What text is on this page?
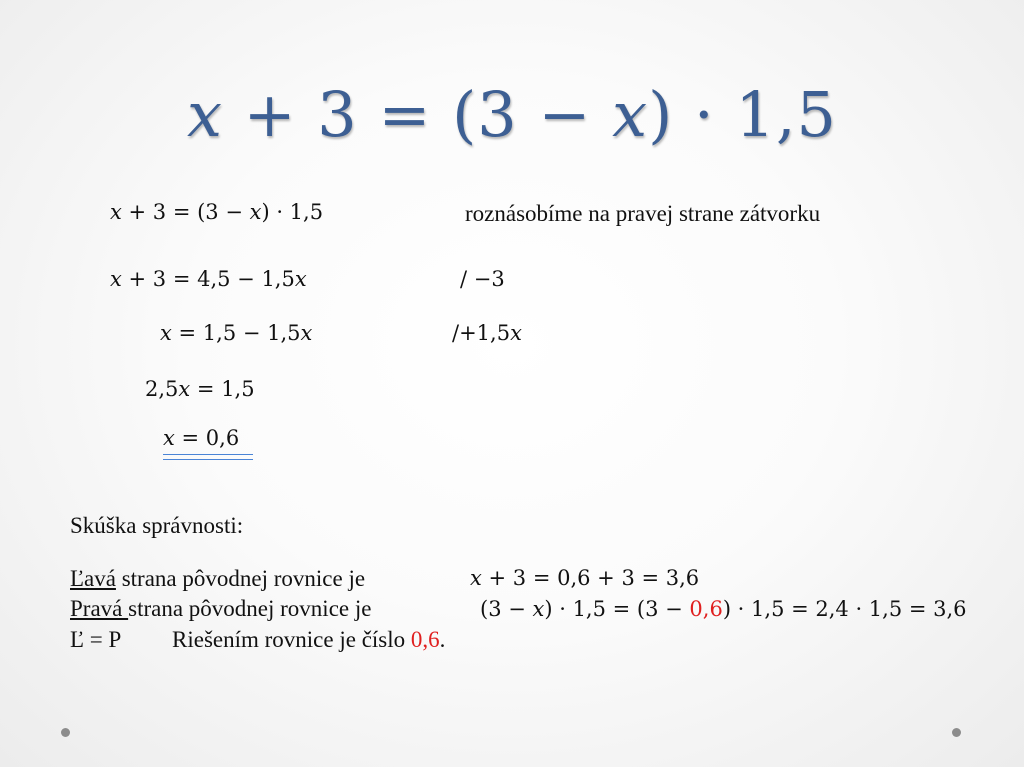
x + 3 = (3 − x) · 1,5
x + 3 = (3 − x) · 1,5	roznásobíme na pravej strane zátvorku
x + 3 = 4,5 − 1,5x	/ −3
x = 1,5 − 1,5x	/+1,5x
2,5x = 1,5
x = 0,6
Skúška správnosti:
Ľavá strana pôvodnej rovnice je	x + 3 = 0,6 + 3 = 3,6
Pravá strana pôvodnej rovnice je	(3 − x) · 1,5 = (3 − 0,6) · 1,5 = 2,4 · 1,5 = 3,6
Ľ = P Riešením rovnice je číslo 0,6.
